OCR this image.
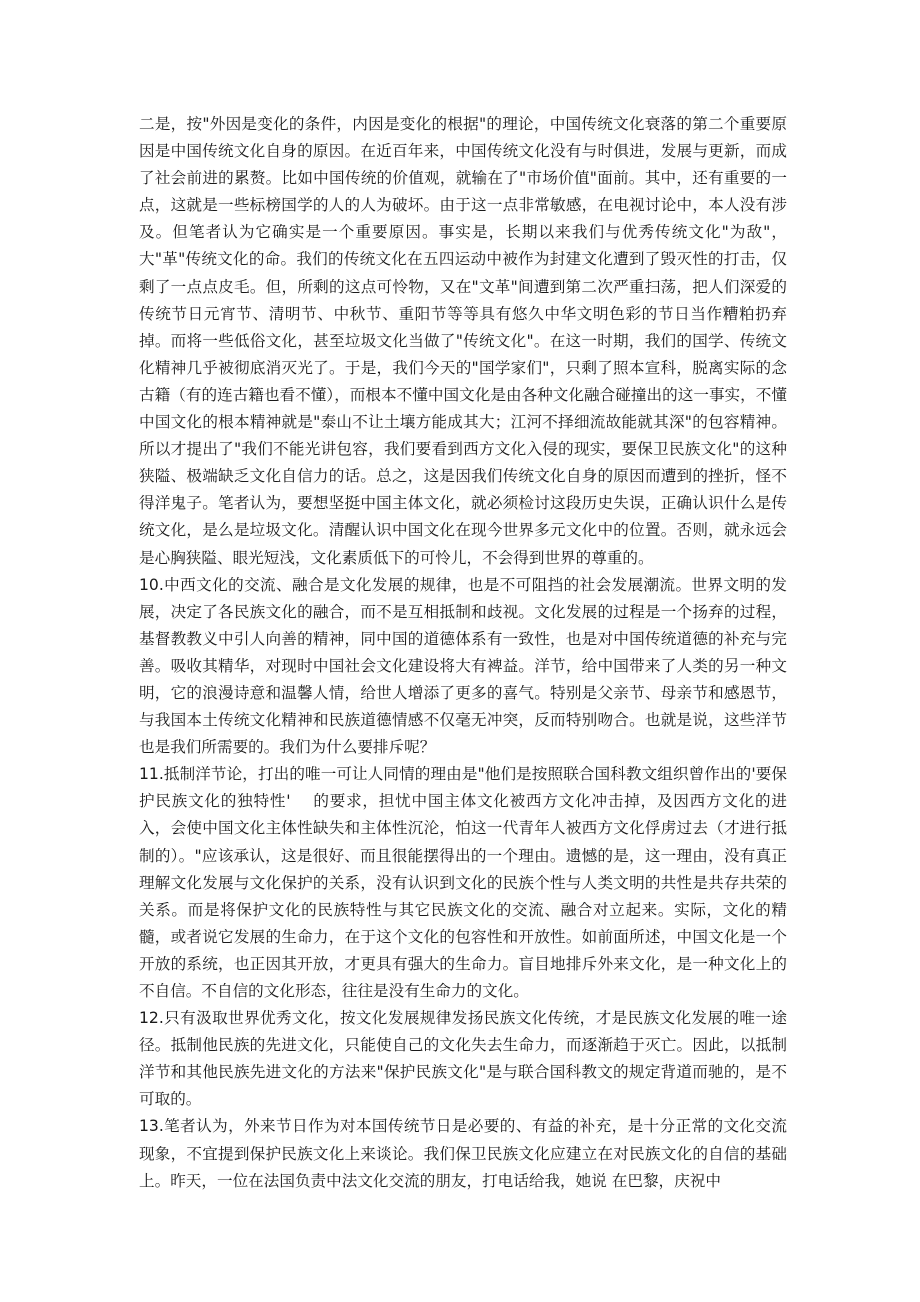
二是，按"外因是变化的条件，内因是变化的根据"的理论，中国传统文化衰落的第二个重要原因是中国传统文化自身的原因。在近百年来，中国传统文化没有与时俱进，发展与更新，而成了社会前进的累赘。比如中国传统的价值观，就输在了"市场价值"面前。其中，还有重要的一点，这就是一些标榜国学的人的人为破坏。由于这一点非常敏感，在电视讨论中，本人没有涉及。但笔者认为它确实是一个重要原因。事实是，长期以来我们与优秀传统文化"为敌"，大"革"传统文化的命。我们的传统文化在五四运动中被作为封建文化遭到了毁灭性的打击，仅剩了一点点皮毛。但，所剩的这点可怜物，又在"文革"间遭到第二次严重扫荡，把人们深爱的传统节日元宵节、清明节、中秋节、重阳节等等具有悠久中华文明色彩的节日当作糟粕扔弃掉。而将一些低俗文化，甚至垃圾文化当做了"传统文化"。在这一时期，我们的国学、传统文化精神几乎被彻底消灭光了。于是，我们今天的"国学家们"，只剩了照本宣科，脱离实际的念古籍（有的连古籍也看不懂），而根本不懂中国文化是由各种文化融合碰撞出的这一事实，不懂中国文化的根本精神就是"泰山不让土壤方能成其大；江河不择细流故能就其深"的包容精神。所以才提出了"我们不能光讲包容，我们要看到西方文化入侵的现实，要保卫民族文化"的这种狭隘、极端缺乏文化自信力的话。总之，这是因我们传统文化自身的原因而遭到的挫折，怪不得洋鬼子。笔者认为，要想坚挺中国主体文化，就必须检讨这段历史失误，正确认识什么是传统文化，是么是垃圾文化。清醒认识中国文化在现今世界多元文化中的位置。否则，就永远会是心胸狭隘、眼光短浅，文化素质低下的可怜儿，不会得到世界的尊重的。

10.中西文化的交流、融合是文化发展的规律，也是不可阻挡的社会发展潮流。世界文明的发展，决定了各民族文化的融合，而不是互相抵制和歧视。文化发展的过程是一个扬弃的过程，基督教教义中引人向善的精神，同中国的道德体系有一致性，也是对中国传统道德的补充与完善。吸收其精华，对现时中国社会文化建设将大有裨益。洋节，给中国带来了人类的另一种文明，它的浪漫诗意和温馨人情，给世人增添了更多的喜气。特别是父亲节、母亲节和感恩节，与我国本土传统文化精神和民族道德情感不仅毫无冲突，反而特别吻合。也就是说，这些洋节也是我们所需要的。我们为什么要排斥呢？

11.抵制洋节论，打出的唯一可让人同情的理由是"他们是按照联合国科教文组织曾作出的'要保护民族文化的独特性'　 的要求，担忧中国主体文化被西方文化冲击掉，及因西方文化的进入，会使中国文化主体性缺失和主体性沉沦，怕这一代青年人被西方文化俘虏过去（才进行抵制的）。"应该承认，这是很好、而且很能摆得出的一个理由。遗憾的是，这一理由，没有真正理解文化发展与文化保护的关系，没有认识到文化的民族个性与人类文明的共性是共存共荣的关系。而是将保护文化的民族特性与其它民族文化的交流、融合对立起来。实际，文化的精髓，或者说它发展的生命力，在于这个文化的包容性和开放性。如前面所述，中国文化是一个开放的系统，也正因其开放，才更具有强大的生命力。盲目地排斥外来文化，是一种文化上的不自信。不自信的文化形态，往往是没有生命力的文化。

12.只有汲取世界优秀文化，按文化发展规律发扬民族文化传统，才是民族文化发展的唯一途径。抵制他民族的先进文化，只能使自己的文化失去生命力，而逐渐趋于灭亡。因此，以抵制洋节和其他民族先进文化的方法来"保护民族文化"是与联合国科教文的规定背道而驰的，是不可取的。

13.笔者认为，外来节日作为对本国传统节日是必要的、有益的补充，是十分正常的文化交流现象，不宜提到保护民族文化上来谈论。我们保卫民族文化应建立在对民族文化的自信的基础上。昨天，一位在法国负责中法文化交流的朋友，打电话给我，她说 在巴黎，庆祝中
